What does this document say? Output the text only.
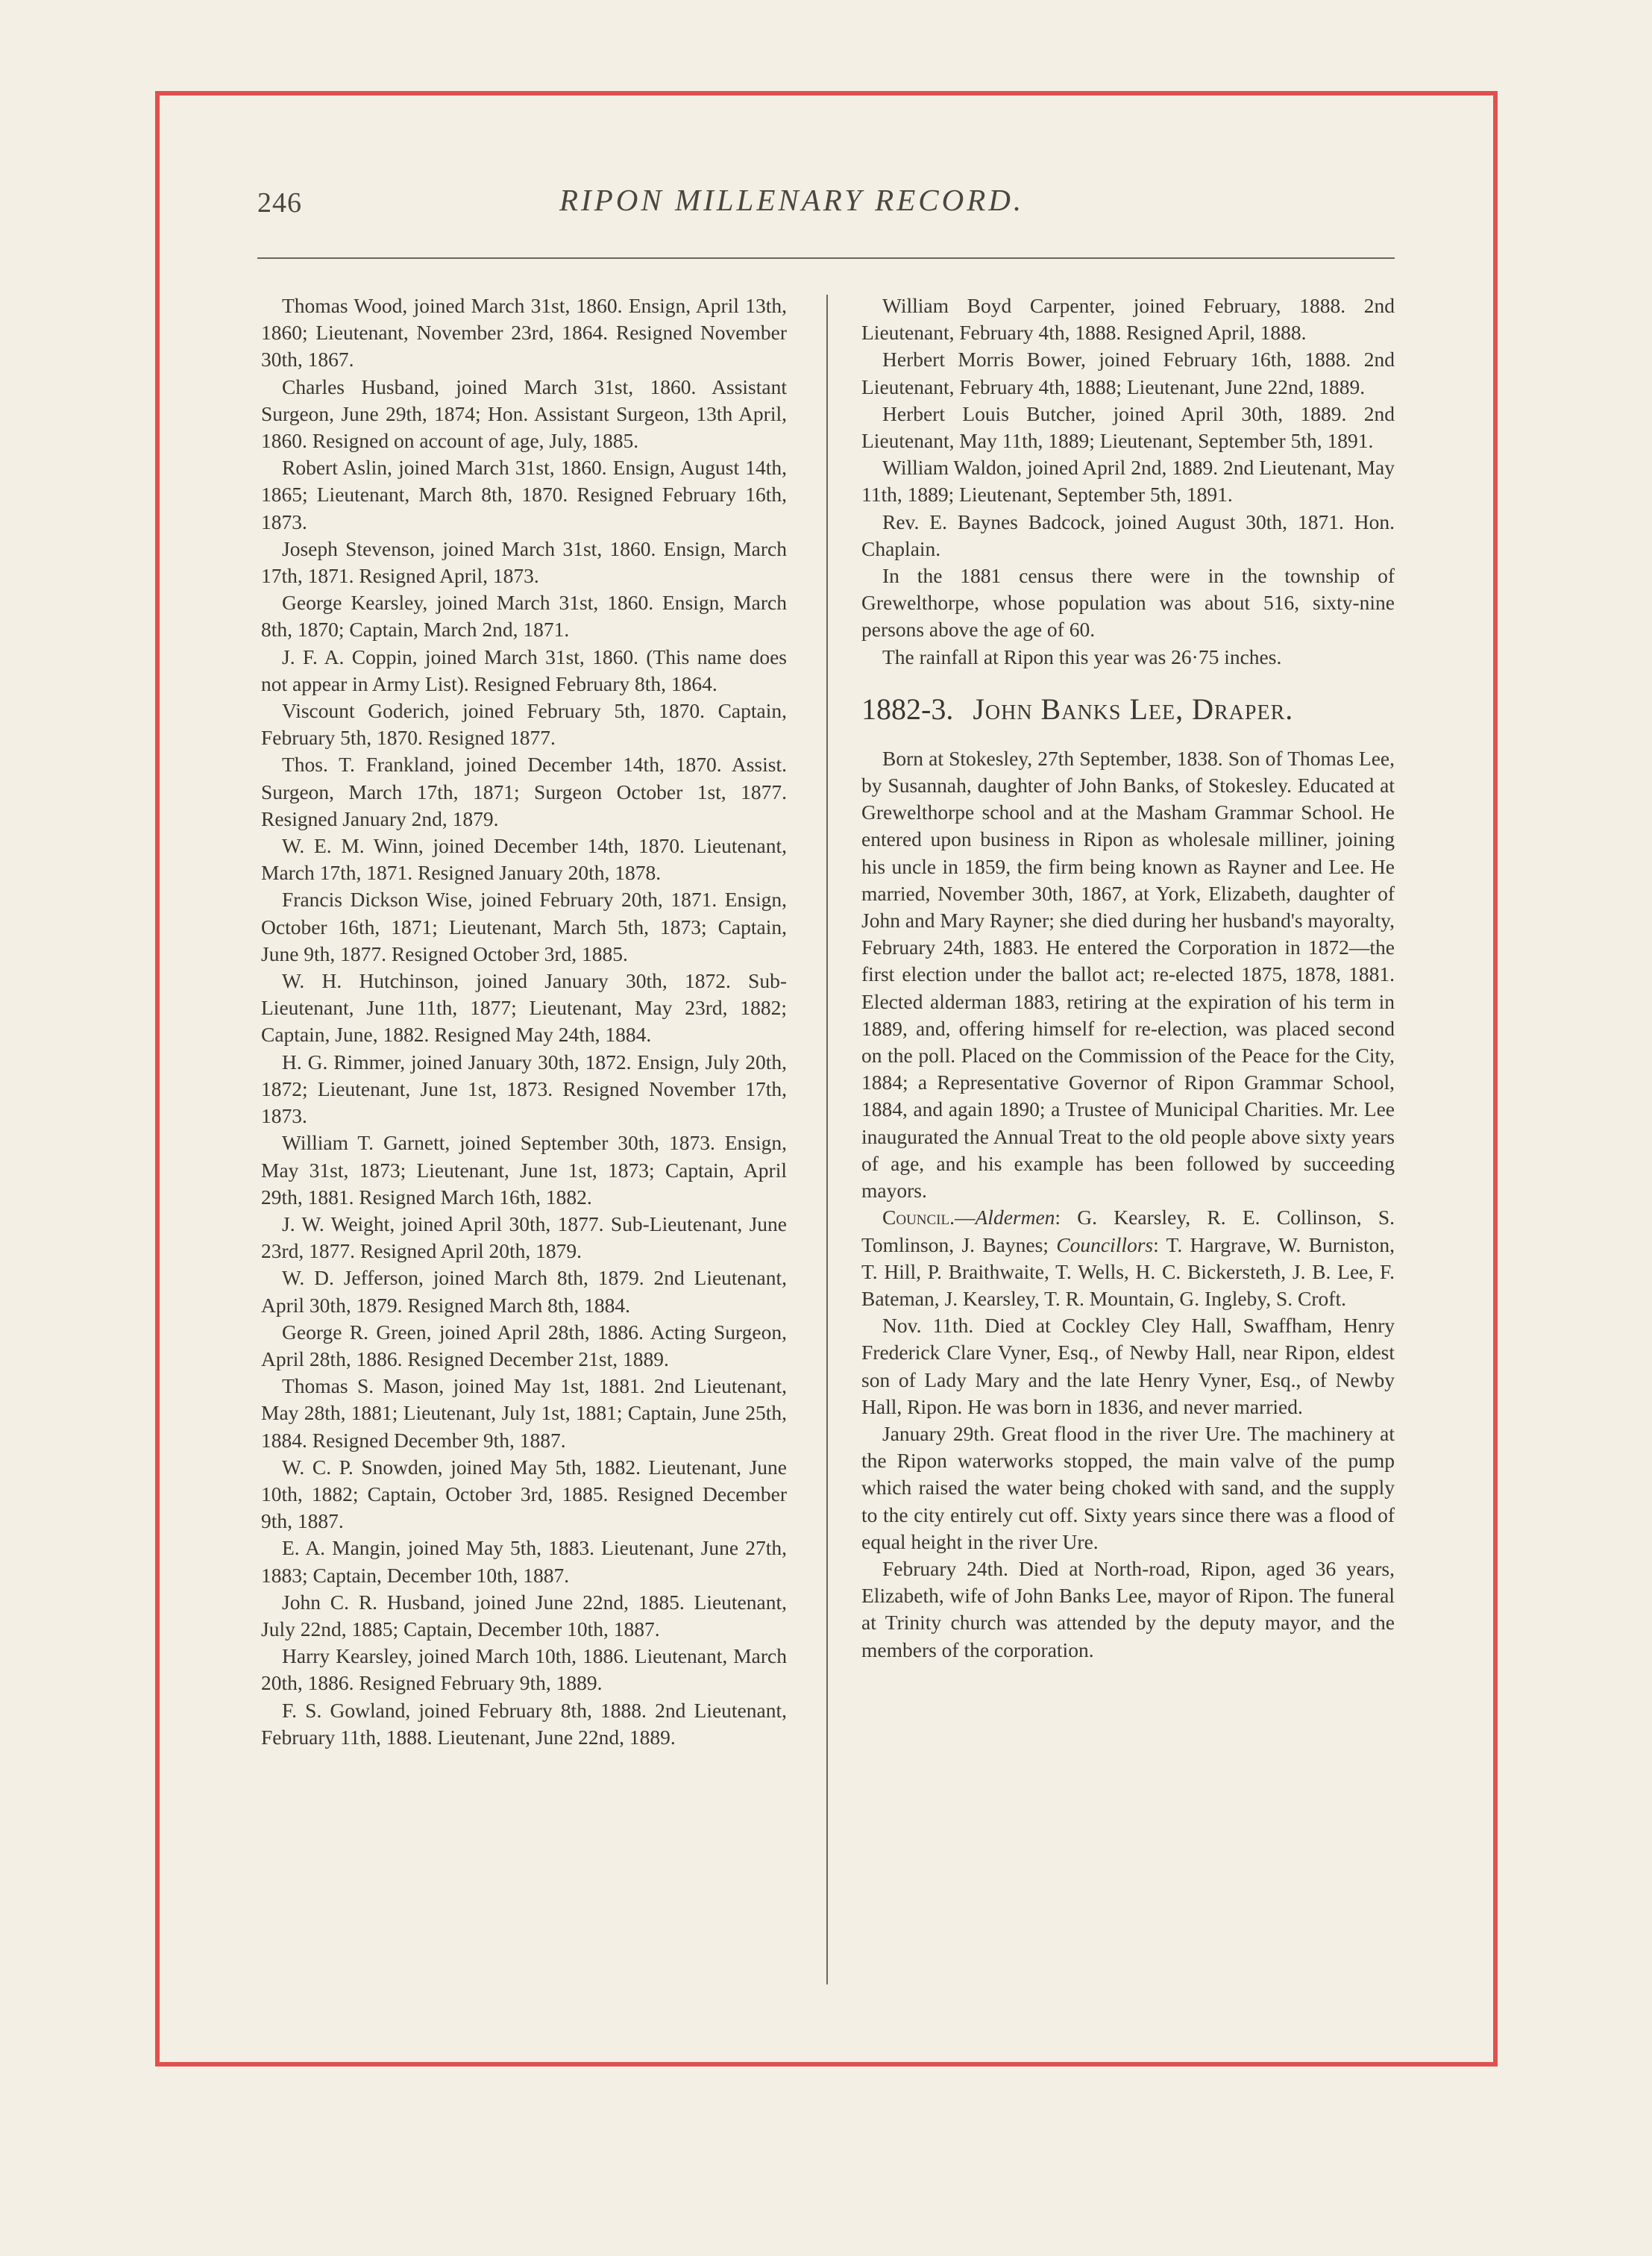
246	RIPON MILLENARY RECORD.

Thomas Wood, joined March 31st, 1860. Ensign, April 13th, 1860; Lieutenant, November 23rd, 1864. Resigned November 30th, 1867.

Charles Husband, joined March 31st, 1860. Assistant Surgeon, June 29th, 1874; Hon. Assistant Surgeon, 13th April, 1860. Resigned on account of age, July, 1885.

Robert Aslin, joined March 31st, 1860. Ensign, August 14th, 1865; Lieutenant, March 8th, 1870. Resigned February 16th, 1873.

Joseph Stevenson, joined March 31st, 1860. Ensign, March 17th, 1871. Resigned April, 1873.

George Kearsley, joined March 31st, 1860. Ensign, March 8th, 1870; Captain, March 2nd, 1871.

J. F. A. Coppin, joined March 31st, 1860. (This name does not appear in Army List). Resigned February 8th, 1864.

Viscount Goderich, joined February 5th, 1870. Captain, February 5th, 1870. Resigned 1877.

Thos. T. Frankland, joined December 14th, 1870. Assist. Surgeon, March 17th, 1871; Surgeon October 1st, 1877. Resigned January 2nd, 1879.

W. E. M. Winn, joined December 14th, 1870. Lieutenant, March 17th, 1871. Resigned January 20th, 1878.

Francis Dickson Wise, joined February 20th, 1871. Ensign, October 16th, 1871; Lieutenant, March 5th, 1873; Captain, June 9th, 1877. Resigned October 3rd, 1885.

W. H. Hutchinson, joined January 30th, 1872. Sub-Lieutenant, June 11th, 1877; Lieutenant, May 23rd, 1882; Captain, June, 1882. Resigned May 24th, 1884.

H. G. Rimmer, joined January 30th, 1872. Ensign, July 20th, 1872; Lieutenant, June 1st, 1873. Resigned November 17th, 1873.

William T. Garnett, joined September 30th, 1873. Ensign, May 31st, 1873; Lieutenant, June 1st, 1873; Captain, April 29th, 1881. Resigned March 16th, 1882.

J. W. Weight, joined April 30th, 1877. Sub-Lieutenant, June 23rd, 1877. Resigned April 20th, 1879.

W. D. Jefferson, joined March 8th, 1879. 2nd Lieutenant, April 30th, 1879. Resigned March 8th, 1884.

George R. Green, joined April 28th, 1886. Acting Surgeon, April 28th, 1886. Resigned December 21st, 1889.

Thomas S. Mason, joined May 1st, 1881. 2nd Lieutenant, May 28th, 1881; Lieutenant, July 1st, 1881; Captain, June 25th, 1884. Resigned December 9th, 1887.

W. C. P. Snowden, joined May 5th, 1882. Lieutenant, June 10th, 1882; Captain, October 3rd, 1885. Resigned December 9th, 1887.

E. A. Mangin, joined May 5th, 1883. Lieutenant, June 27th, 1883; Captain, December 10th, 1887.

John C. R. Husband, joined June 22nd, 1885. Lieutenant, July 22nd, 1885; Captain, December 10th, 1887.

Harry Kearsley, joined March 10th, 1886. Lieutenant, March 20th, 1886. Resigned February 9th, 1889.

F. S. Gowland, joined February 8th, 1888. 2nd Lieutenant, February 11th, 1888. Lieutenant, June 22nd, 1889.

William Boyd Carpenter, joined February, 1888. 2nd Lieutenant, February 4th, 1888. Resigned April, 1888.

Herbert Morris Bower, joined February 16th, 1888. 2nd Lieutenant, February 4th, 1888; Lieutenant, June 22nd, 1889.

Herbert Louis Butcher, joined April 30th, 1889. 2nd Lieutenant, May 11th, 1889; Lieutenant, September 5th, 1891.

William Waldon, joined April 2nd, 1889. 2nd Lieutenant, May 11th, 1889; Lieutenant, September 5th, 1891.

Rev. E. Baynes Badcock, joined August 30th, 1871. Hon. Chaplain.

In the 1881 census there were in the township of Grewelthorpe, whose population was about 516, sixty-nine persons above the age of 60.

The rainfall at Ripon this year was 26·75 inches.

1882-3. John Banks Lee, Draper.

Born at Stokesley, 27th September, 1838. Son of Thomas Lee, by Susannah, daughter of John Banks, of Stokesley. Educated at Grewelthorpe school and at the Masham Grammar School. He entered upon business in Ripon as wholesale milliner, joining his uncle in 1859, the firm being known as Rayner and Lee. He married, November 30th, 1867, at York, Elizabeth, daughter of John and Mary Rayner; she died during her husband's mayoralty, February 24th, 1883. He entered the Corporation in 1872—the first election under the ballot act; re-elected 1875, 1878, 1881. Elected alderman 1883, retiring at the expiration of his term in 1889, and, offering himself for re-election, was placed second on the poll. Placed on the Commission of the Peace for the City, 1884; a Representative Governor of Ripon Grammar School, 1884, and again 1890; a Trustee of Municipal Charities. Mr. Lee inaugurated the Annual Treat to the old people above sixty years of age, and his example has been followed by succeeding mayors.

Council.—Aldermen: G. Kearsley, R. E. Collinson, S. Tomlinson, J. Baynes; Councillors: T. Hargrave, W. Burniston, T. Hill, P. Braithwaite, T. Wells, H. C. Bickersteth, J. B. Lee, F. Bateman, J. Kearsley, T. R. Mountain, G. Ingleby, S. Croft.

Nov. 11th. Died at Cockley Cley Hall, Swaffham, Henry Frederick Clare Vyner, Esq., of Newby Hall, near Ripon, eldest son of Lady Mary and the late Henry Vyner, Esq., of Newby Hall, Ripon. He was born in 1836, and never married.

January 29th. Great flood in the river Ure. The machinery at the Ripon waterworks stopped, the main valve of the pump which raised the water being choked with sand, and the supply to the city entirely cut off. Sixty years since there was a flood of equal height in the river Ure.

February 24th. Died at North-road, Ripon, aged 36 years, Elizabeth, wife of John Banks Lee, mayor of Ripon. The funeral at Trinity church was attended by the deputy mayor, and the members of the corporation.
